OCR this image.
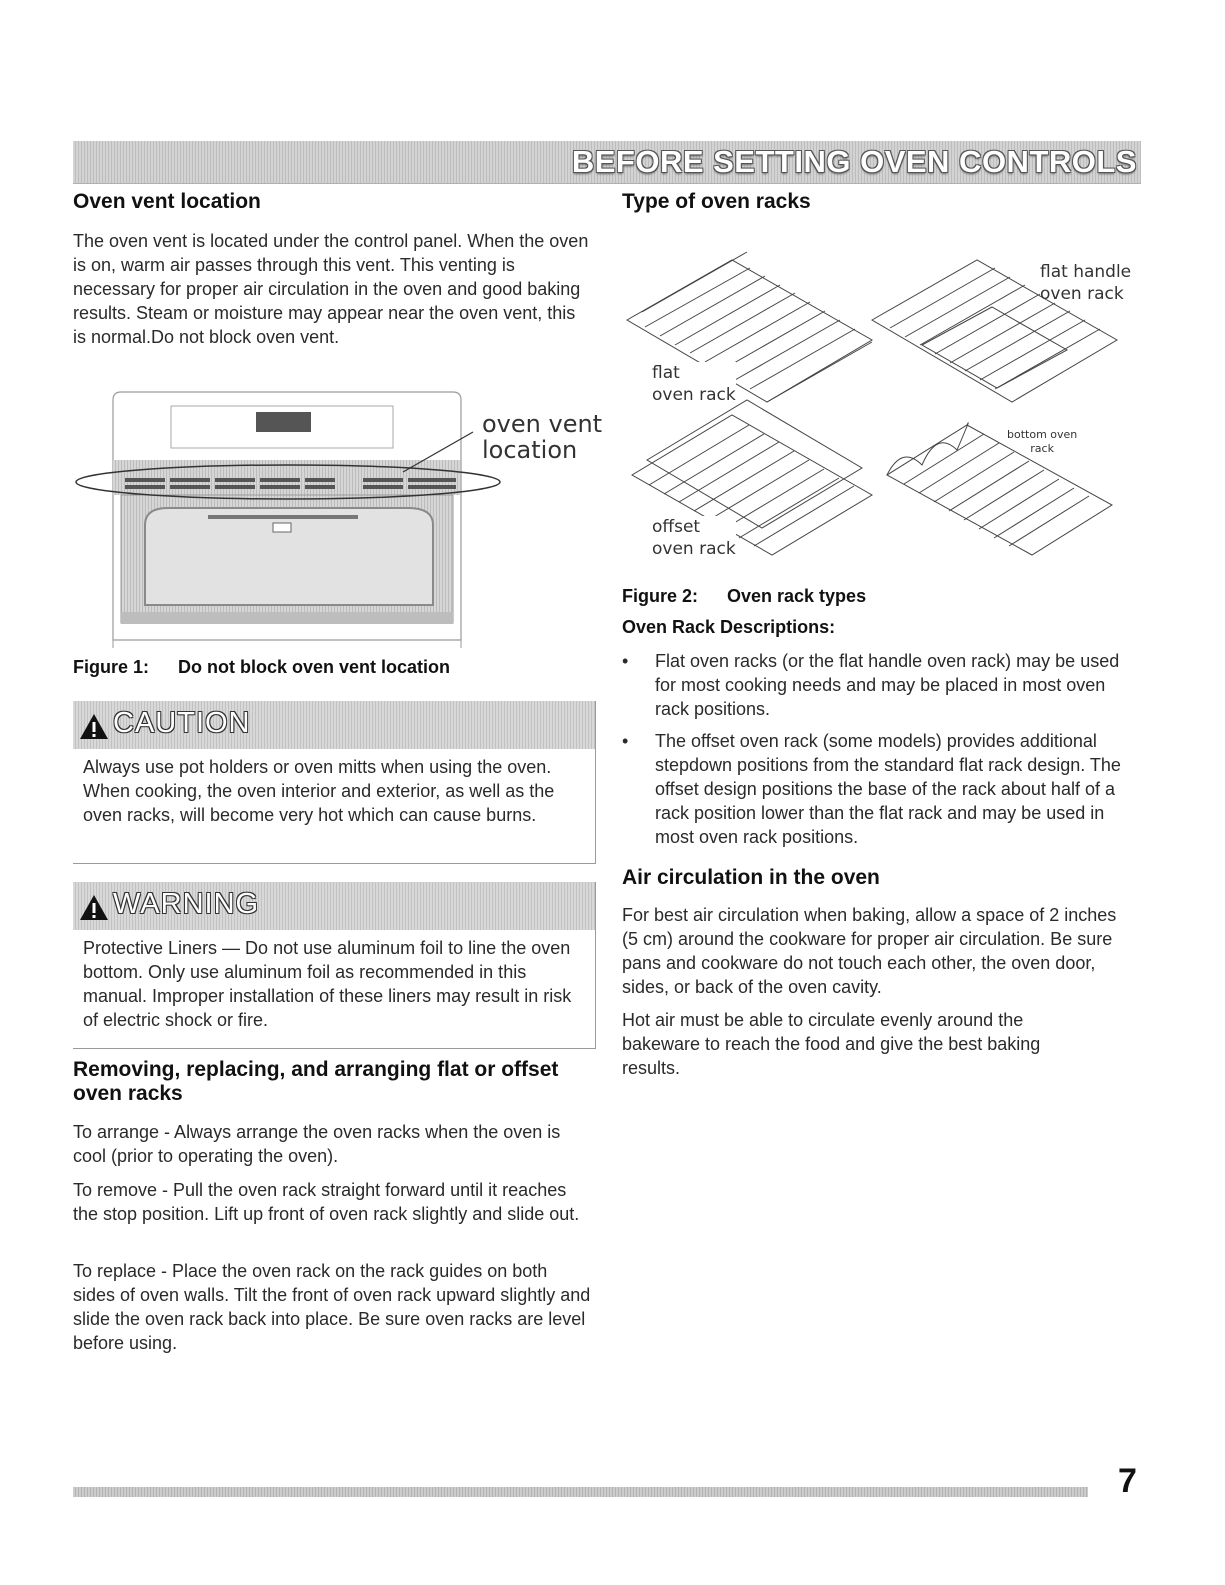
BEFORE SETTING OVEN CONTROLS
Oven vent location

The oven vent is located under the control panel. When the oven is on, warm air passes through this vent. This venting is necessary for proper air circulation in the oven and good baking results. Steam or moisture may appear near the oven vent, this is normal.Do not block oven vent.

oven vent
location
Figure 1: Do not block oven vent location
CAUTION

Always use pot holders or oven mitts when using the oven. When cooking, the oven interior and exterior, as well as the oven racks, will become very hot which can cause burns.

WARNING

Protective Liners — Do not use aluminum foil to line the oven bottom. Only use aluminum foil as recommended in this manual. Improper installation of these liners may result in risk of electric shock or fire.

Removing, replacing, and arranging flat or offset oven racks

To arrange - Always arrange the oven racks when the oven is cool (prior to operating the oven).

To remove - Pull the oven rack straight forward until it reaches the stop position. Lift up front of oven rack slightly and slide out.

To replace - Place the oven rack on the rack guides on both sides of oven walls. Tilt the front of oven rack upward slightly and slide the oven rack back into place. Be sure oven racks are level before using.

Type of oven racks
flat
oven rack
flat handle
oven rack
offset
oven rack
bottom oven
rack
Figure 2: Oven rack types
Oven Rack Descriptions:
• Flat oven racks (or the flat handle oven rack) may be used for most cooking needs and may be placed in most oven rack positions.
• The offset oven rack (some models) provides additional stepdown positions from the standard flat rack design. The offset design positions the base of the rack about half of a rack position lower than the flat rack and may be used in most oven rack positions.
Air circulation in the oven

For best air circulation when baking, allow a space of 2 inches (5 cm) around the cookware for proper air circulation. Be sure pans and cookware do not touch each other, the oven door, sides, or back of the oven cavity.

Hot air must be able to circulate evenly around the bakeware to reach the food and give the best baking results.

7
